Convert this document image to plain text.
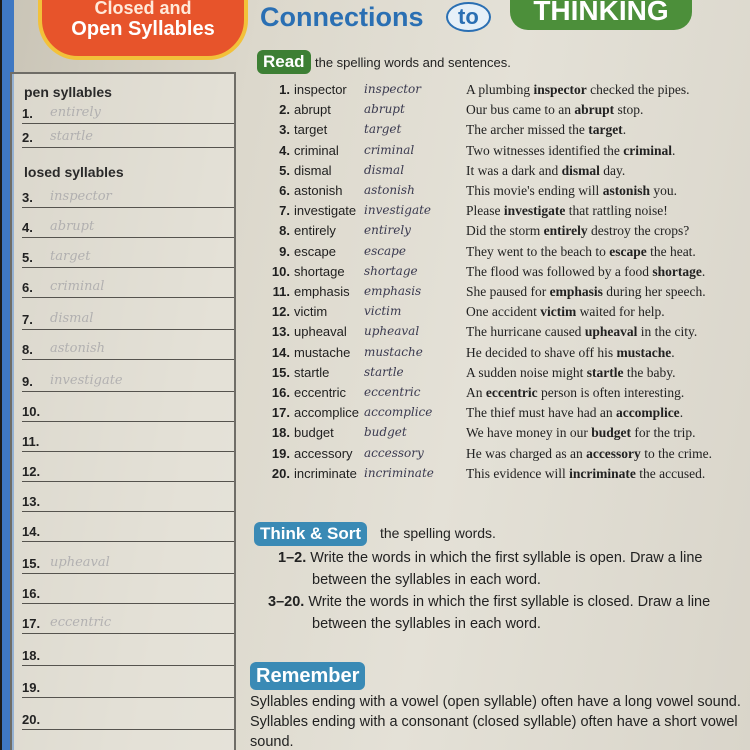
Closed and
Open Syllables	Connections	to	THINKING
Read the spelling words and sentences.
pen syllables
losed syllables
1. entirely
2. startle
3. inspector
4. abrupt
5. target
6. criminal
7. dismal
8. astonish
9. investigate
10.
11.
12.
13.
14.
15. upheaval
16.
17. eccentric
18.
19.
20.
1. inspector inspector	A plumbing inspector checked the pipes.
2. abrupt	abrupt	Our bus came to an abrupt stop.
3. target	target	The archer missed the target.
4. criminal criminal	Two witnesses identified the criminal.
5. dismal	dismal	It was a dark and dismal day.
6. astonish astonish	This movie's ending will astonish you.
7. investigate investigate	Please investigate that rattling noise!
8. entirely entirely	Did the storm entirely destroy the crops?
9. escape escape	They went to the beach to escape the heat.
10. shortage shortage	The flood was followed by a food shortage.
11. emphasis emphasis	She paused for emphasis during her speech.
12. victim	victim	One accident victim waited for help.
13. upheaval upheaval	The hurricane caused upheaval in the city.
14. mustache mustache	He decided to shave off his mustache.
15. startle	startle	A sudden noise might startle the baby.
16. eccentric eccentric	An eccentric person is often interesting.
17. accomplice accomplice The thief must have had an accomplice.
18. budget	budget	We have money in our budget for the trip.
19. accessory accessory	He was charged as an accessory to the crime.
20. incriminate incriminate This evidence will incriminate the accused.
Think & Sort	the spelling words.
1–2. Write the words in which the first syllable is open. Draw a line
between the syllables in each word.
3–20. Write the words in which the first syllable is closed. Draw a line
between the syllables in each word.
Remember
Syllables ending with a vowel (open syllable) often have a long vowel sound. Syllables ending with a consonant (closed syllable) often have a short vowel sound.
